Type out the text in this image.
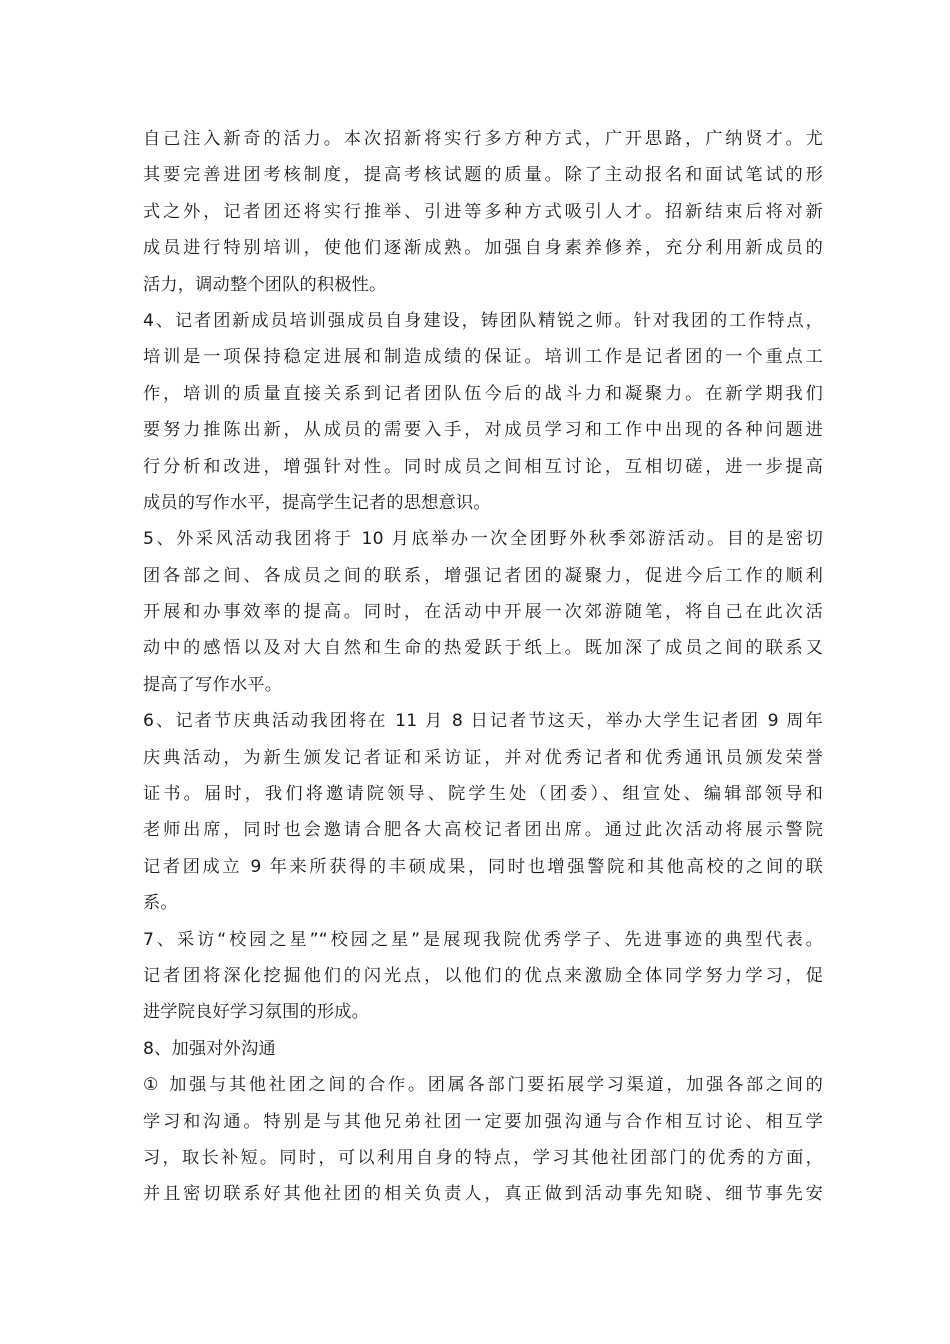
自己注入新奇的活力。本次招新将实行多方种方式，广开思路，广纳贤才。尤
其要完善进团考核制度，提高考核试题的质量。除了主动报名和面试笔试的形
式之外，记者团还将实行推举、引进等多种方式吸引人才。招新结束后将对新
成员进行特别培训，使他们逐渐成熟。加强自身素养修养，充分利用新成员的
活力，调动整个团队的积极性。
4、记者团新成员培训强成员自身建设，铸团队精锐之师。针对我团的工作特点，
培训是一项保持稳定进展和制造成绩的保证。培训工作是记者团的一个重点工
作，培训的质量直接关系到记者团队伍今后的战斗力和凝聚力。在新学期我们
要努力推陈出新，从成员的需要入手，对成员学习和工作中出现的各种问题进
行分析和改进，增强针对性。同时成员之间相互讨论，互相切磋，进一步提高
成员的写作水平，提高学生记者的思想意识。
5、外采风活动我团将于 10 月底举办一次全团野外秋季郊游活动。目的是密切
团各部之间、各成员之间的联系，增强记者团的凝聚力，促进今后工作的顺利
开展和办事效率的提高。同时，在活动中开展一次郊游随笔，将自己在此次活
动中的感悟以及对大自然和生命的热爱跃于纸上。既加深了成员之间的联系又
提高了写作水平。
6、记者节庆典活动我团将在 11 月 8 日记者节这天，举办大学生记者团 9 周年
庆典活动，为新生颁发记者证和采访证，并对优秀记者和优秀通讯员颁发荣誉
证书。届时，我们将邀请院领导、院学生处（团委）、组宣处、编辑部领导和
老师出席，同时也会邀请合肥各大高校记者团出席。通过此次活动将展示警院
记者团成立 9 年来所获得的丰硕成果，同时也增强警院和其他高校的之间的联
系。
7、采访“校园之星”“校园之星”是展现我院优秀学子、先进事迹的典型代表。
记者团将深化挖掘他们的闪光点，以他们的优点来激励全体同学努力学习，促
进学院良好学习氛围的形成。
8、加强对外沟通
① 加强与其他社团之间的合作。团属各部门要拓展学习渠道，加强各部之间的
学习和沟通。特别是与其他兄弟社团一定要加强沟通与合作相互讨论、相互学
习，取长补短。同时，可以利用自身的特点，学习其他社团部门的优秀的方面，
并且密切联系好其他社团的相关负责人，真正做到活动事先知晓、细节事先安
